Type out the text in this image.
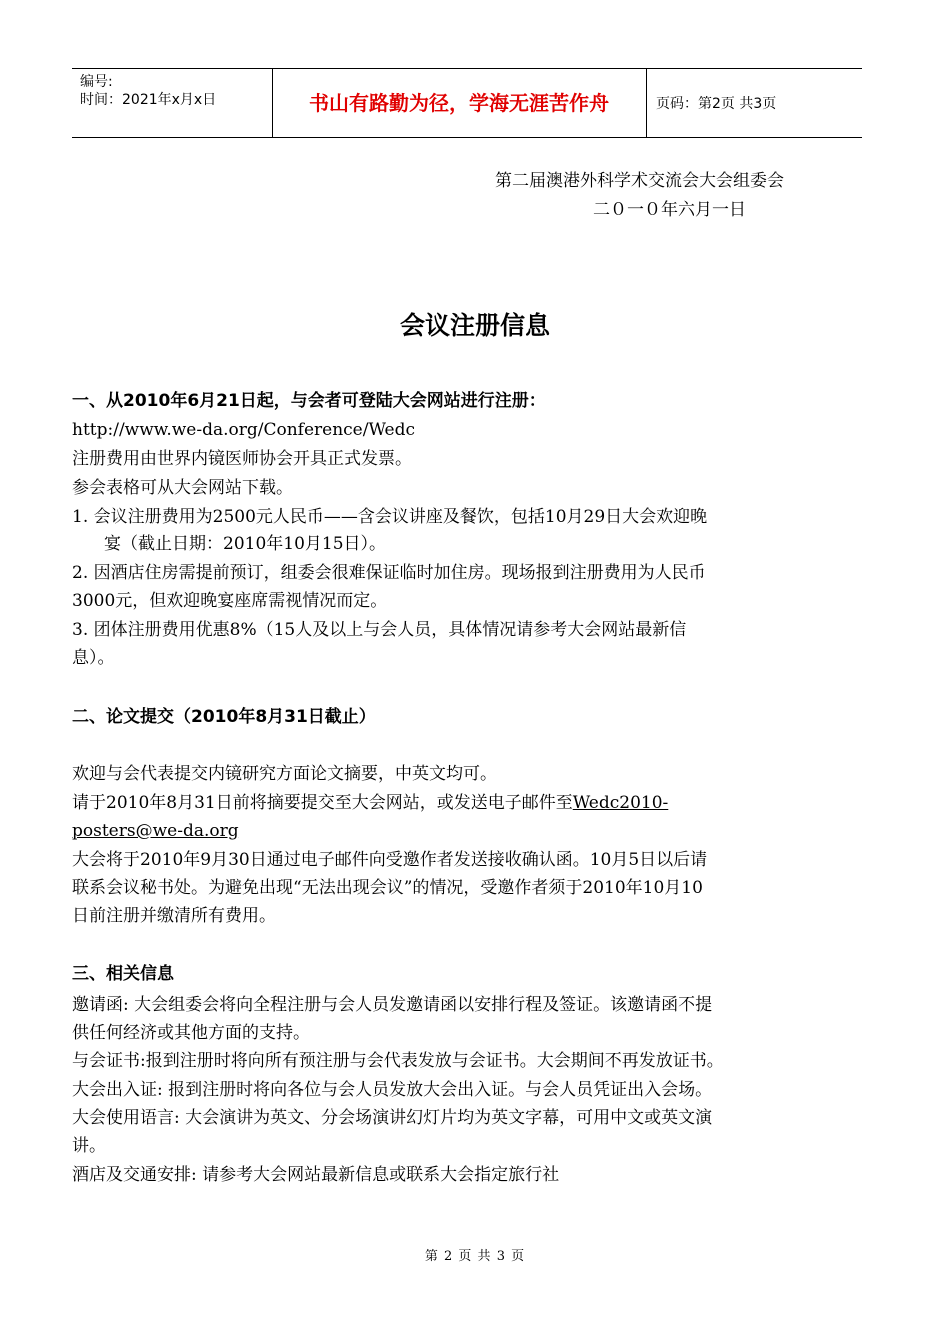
编号:
时间：2021年x月x日	书山有路勤为径，学海无涯苦作舟	页码：第2页 共3页
第二届澳港外科学术交流会大会组委会
二０一０年六月一日
会议注册信息
一、从2010年6月21日起，与会者可登陆大会网站进行注册：
http://www.we-da.org/Conference/Wedc
注册费用由世界内镜医师协会开具正式发票。
参会表格可从大会网站下载。
1. 会议注册费用为2500元人民币——含会议讲座及餐饮，包括10月29日大会欢迎晚
宴（截止日期：2010年10月15日）。
2. 因酒店住房需提前预订，组委会很难保证临时加住房。现场报到注册费用为人民币
3000元，但欢迎晚宴座席需视情况而定。
3. 团体注册费用优惠8%（15人及以上与会人员，具体情况请参考大会网站最新信
息）。
二、论文提交（2010年8月31日截止）
欢迎与会代表提交内镜研究方面论文摘要，中英文均可。
请于2010年8月31日前将摘要提交至大会网站，或发送电子邮件至Wedc2010-
posters@we-da.org
大会将于2010年9月30日通过电子邮件向受邀作者发送接收确认函。10月5日以后请
联系会议秘书处。为避免出现“无法出现会议”的情况，受邀作者须于2010年10月10
日前注册并缴清所有费用。
三、相关信息
邀请函: 大会组委会将向全程注册与会人员发邀请函以安排行程及签证。该邀请函不提
供任何经济或其他方面的支持。
与会证书:报到注册时将向所有预注册与会代表发放与会证书。大会期间不再发放证书。
大会出入证: 报到注册时将向各位与会人员发放大会出入证。与会人员凭证出入会场。
大会使用语言: 大会演讲为英文、分会场演讲幻灯片均为英文字幕，可用中文或英文演
讲。
酒店及交通安排: 请参考大会网站最新信息或联系大会指定旅行社
第 2 页 共 3 页
